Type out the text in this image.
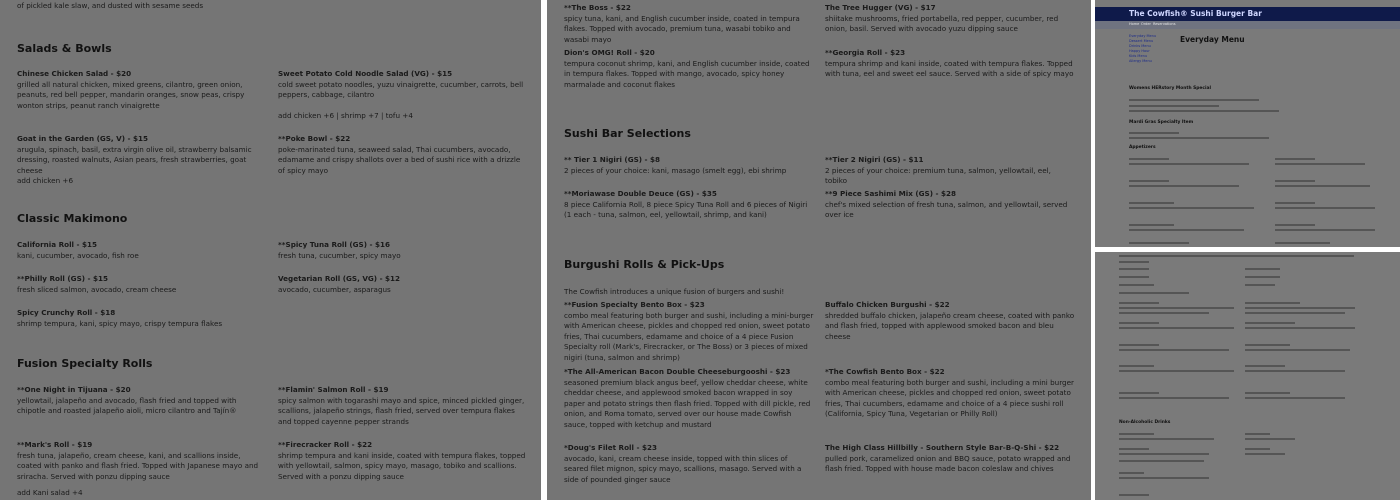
of pickled kale slaw, and dusted with sesame seeds
Salads & Bowls
Chinese Chicken Salad - $20
grilled all natural chicken, mixed greens, cilantro, green onion, peanuts, red bell pepper, mandarin oranges, snow peas, crispy wonton strips, peanut ranch vinaigrette
Sweet Potato Cold Noodle Salad (VG) - $15
cold sweet potato noodles, yuzu vinaigrette, cucumber, carrots, bell peppers, cabbage, cilantro
add chicken +6 | shrimp +7 | tofu +4
Goat in the Garden (GS, V) - $15
arugula, spinach, basil, extra virgin olive oil, strawberry balsamic dressing, roasted walnuts, Asian pears, fresh strawberries, goat cheese
add chicken +6
**Poke Bowl - $22
poke-marinated tuna, seaweed salad, Thai cucumbers, avocado, edamame and crispy shallots over a bed of sushi rice with a drizzle of spicy mayo
Classic Makimono
California Roll - $15
kani, cucumber, avocado, fish roe
**Spicy Tuna Roll (GS) - $16
fresh tuna, cucumber, spicy mayo
**Philly Roll (GS) - $15
fresh sliced salmon, avocado, cream cheese
Vegetarian Roll (GS, VG) - $12
avocado, cucumber, asparagus
Spicy Crunchy Roll - $18
shrimp tempura, kani, spicy mayo, crispy tempura flakes
Fusion Specialty Rolls
**One Night in Tijuana - $20
yellowtail, jalapeño and avocado, flash fried and topped with chipotle and roasted jalapeño aioli, micro cilantro and Tajín®
**Flamin' Salmon Roll - $19
spicy salmon with togarashi mayo and spice, minced pickled ginger, scallions, jalapeño strings, flash fried, served over tempura flakes and topped cayenne pepper strands
**Mark's Roll - $19
fresh tuna, jalapeño, cream cheese, kani, and scallions inside, coated with panko and flash fried. Topped with Japanese mayo and sriracha. Served with ponzu dipping sauce
add Kani salad +4
**Firecracker Roll - $22
shrimp tempura and kani inside, coated with tempura flakes, topped with yellowtail, salmon, spicy mayo, masago, tobiko and scallions. Served with a ponzu dipping sauce
**The Boss - $22
spicy tuna, kani, and English cucumber inside, coated in tempura flakes. Topped with avocado, premium tuna, wasabi tobiko and wasabi mayo
The Tree Hugger (VG) - $17
shiitake mushrooms, fried portabella, red pepper, cucumber, red onion, basil. Served with avocado yuzu dipping sauce
Dion's OMG! Roll - $20
tempura coconut shrimp, kani, and English cucumber inside, coated in tempura flakes. Topped with mango, avocado, spicy honey marmalade and coconut flakes
**Georgia Roll - $23
tempura shrimp and kani inside, coated with tempura flakes. Topped with tuna, eel and sweet eel sauce. Served with a side of spicy mayo
Sushi Bar Selections
** Tier 1 Nigiri (GS) - $8
2 pieces of your choice: kani, masago (smelt egg), ebi shrimp
**Tier 2 Nigiri (GS) - $11
2 pieces of your choice: premium tuna, salmon, yellowtail, eel, tobiko
**Moriawase Double Deuce (GS) - $35
8 piece California Roll, 8 piece Spicy Tuna Roll and 6 pieces of Nigiri (1 each - tuna, salmon, eel, yellowtail, shrimp, and kani)
**9 Piece Sashimi Mix (GS) - $28
chef's mixed selection of fresh tuna, salmon, and yellowtail, served over ice
Burgushi Rolls & Pick-Ups
The Cowfish introduces a unique fusion of burgers and sushi!
**Fusion Specialty Bento Box - $23
combo meal featuring both burger and sushi, including a mini-burger with American cheese, pickles and chopped red onion, sweet potato fries, Thai cucumbers, edamame and choice of a 4 piece Fusion Specialty roll (Mark's, Firecracker, or The Boss) or 3 pieces of mixed nigiri (tuna, salmon and shrimp)
Buffalo Chicken Burgushi - $22
shredded buffalo chicken, jalapeño cream cheese, coated with panko and flash fried, topped with applewood smoked bacon and bleu cheese
*The All-American Bacon Double Cheeseburgooshi - $23
seasoned premium black angus beef, yellow cheddar cheese, white cheddar cheese, and applewood smoked bacon wrapped in soy paper and potato strings then flash fried. Topped with dill pickle, red onion, and Roma tomato, served over our house made Cowfish sauce, topped with ketchup and mustard
*The Cowfish Bento Box - $22
combo meal featuring both burger and sushi, including a mini burger with American cheese, pickles and chopped red onion, sweet potato fries, Thai cucumbers, edamame and choice of a 4 piece sushi roll (California, Spicy Tuna, Vegetarian or Philly Roll)
*Doug's Filet Roll - $23
avocado, kani, cream cheese inside, topped with thin slices of seared filet mignon, spicy mayo, scallions, masago. Served with a side of pounded ginger sauce
The High Class Hillbilly - Southern Style Bar-B-Q-Shi - $22
pulled pork, caramelized onion and BBQ sauce, potato wrapped and flash fried. Topped with house made bacon coleslaw and chives
The Cowfish® Sushi Burger Bar
Home Order Reservations
Everyday Menu
Dessert Menu
Drinks Menu
Happy Hour
Kids Menu
Allergy Menu
Everyday Menu
Womens HERstory Month Special
Mardi Gras Specialty Item
Appetizers
Non-Alcoholic Drinks
